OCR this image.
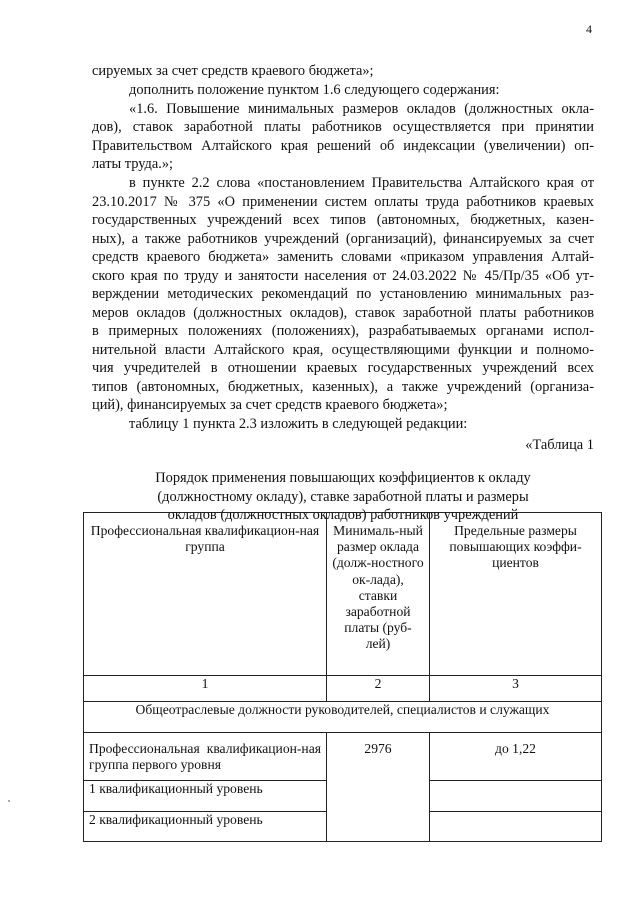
4
сируемых за счет средств краевого бюджета»;
дополнить положение пунктом 1.6 следующего содержания:
«1.6. Повышение минимальных размеров окладов (должностных окла-
дов), ставок заработной платы работников осуществляется при принятии
Правительством Алтайского края решений об индексации (увеличении) оп-
латы труда.»;
в пункте 2.2 слова «постановлением Правительства Алтайского края от
23.10.2017 № 375 «О применении систем оплаты труда работников краевых
государственных учреждений всех типов (автономных, бюджетных, казен-
ных), а также работников учреждений (организаций), финансируемых за счет
средств краевого бюджета» заменить словами «приказом управления Алтай-
ского края по труду и занятости населения от 24.03.2022 № 45/Пр/35 «Об ут-
верждении методических рекомендаций по установлению минимальных раз-
меров окладов (должностных окладов), ставок заработной платы работников
в примерных положениях (положениях), разрабатываемых органами испол-
нительной власти Алтайского края, осуществляющими функции и полномо-
чия учредителей в отношении краевых государственных учреждений всех
типов (автономных, бюджетных, казенных), а также учреждений (организа-
ций), финансируемых за счет средств краевого бюджета»;
таблицу 1 пункта 2.3 изложить в следующей редакции:
«Таблица 1
Порядок применения повышающих коэффициентов к окладу
(должностному окладу), ставке заработной платы и размеры
окладов (должностных окладов) работников учреждений
Профессиональная квалификацион-ная группа	Минималь-ный размер оклада (долж-ностного ок-лада), ставки заработной платы (руб-лей)	Предельные размеры повышающих коэффи-циентов
1	2	3
Общеотраслевые должности руководителей, специалистов и служащих		
Профессиональная квалификацион-ная группа первого уровня	2976	до 1,22
1 квалификационный уровень		
2 квалификационный уровень		
